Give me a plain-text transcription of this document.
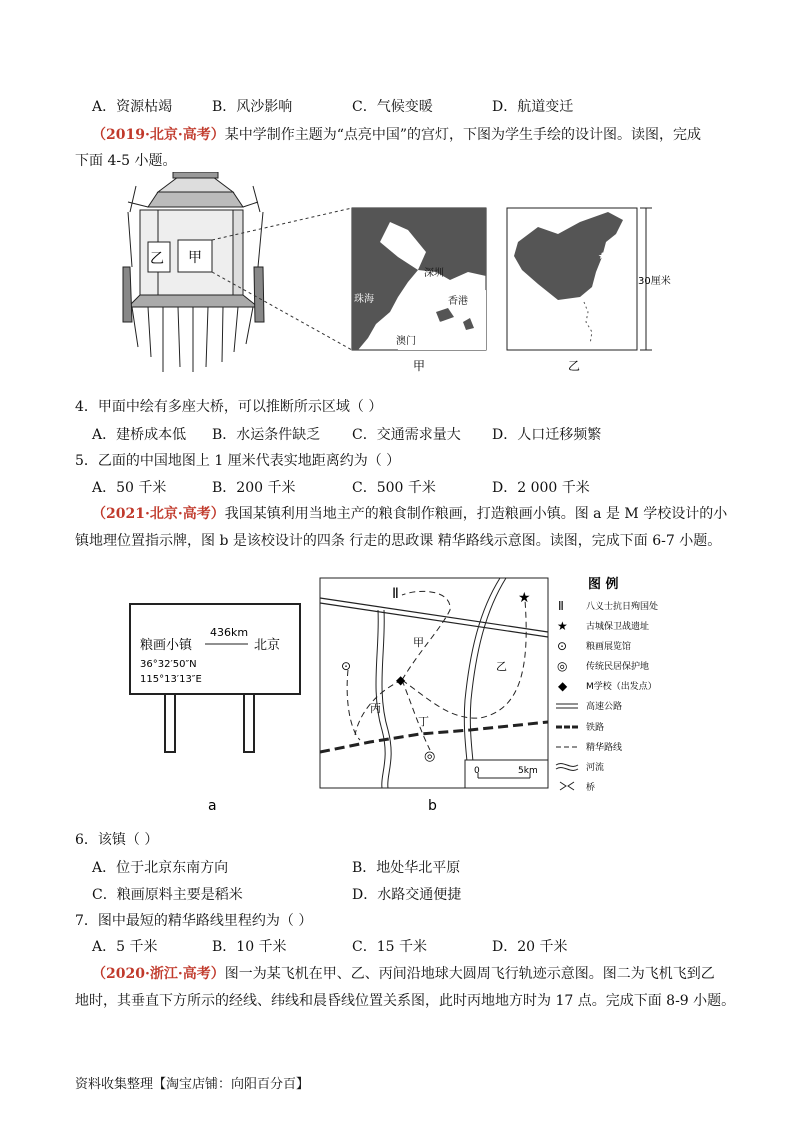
A．资源枯竭	B．风沙影响	C．气候变暖	D．航道变迁
（2019·北京·高考）某中学制作主题为“点亮中国”的宫灯，下图为学生手绘的设计图。读图，完成
下面 4-5 小题。
乙 甲
深圳
珠海	香港
澳门
甲
★
30厘米
乙
4．甲面中绘有多座大桥，可以推断所示区域（ ）
A．建桥成本低 B．水运条件缺乏 C．交通需求量大 D．人口迁移频繁
5．乙面的中国地图上 1 厘米代表实地距离约为（ ）
A．50 千米	B．200 千米	C．500 千米	D．2 000 千米
（2021·北京·高考）我国某镇利用当地主产的粮食制作粮画，打造粮画小镇。图 a 是 M 学校设计的小
镇地理位置指示牌，图 b 是该校设计的四条 行走的思政课 精华路线示意图。读图，完成下面 6-7 小题。
粮画小镇
436km
北京
36°32′50″N
115°13′13″E
a
Ⅱ	★
⊙
◆
◎
甲
乙
丙
丁
0	5km
b
图 例
Ⅱ 八义士抗日殉国处
★ 古城保卫战遗址
⊙ 粮画展览馆
◎ 传统民居保护地
◆ M学校（出发点）
高速公路
铁路
精华路线
河流
桥
6．该镇（ ）
A．位于北京东南方向	B．地处华北平原
C．粮画原料主要是稻米	D．水路交通便捷
7．图中最短的精华路线里程约为（ ）
A．5 千米	B．10 千米	C．15 千米	D．20 千米
（2020·浙江·高考）图一为某飞机在甲、乙、丙间沿地球大圆周飞行轨迹示意图。图二为飞机飞到乙
地时，其垂直下方所示的经线、纬线和晨昏线位置关系图，此时丙地地方时为 17 点。完成下面 8-9 小题。
资料收集整理【淘宝店铺：向阳百分百】
